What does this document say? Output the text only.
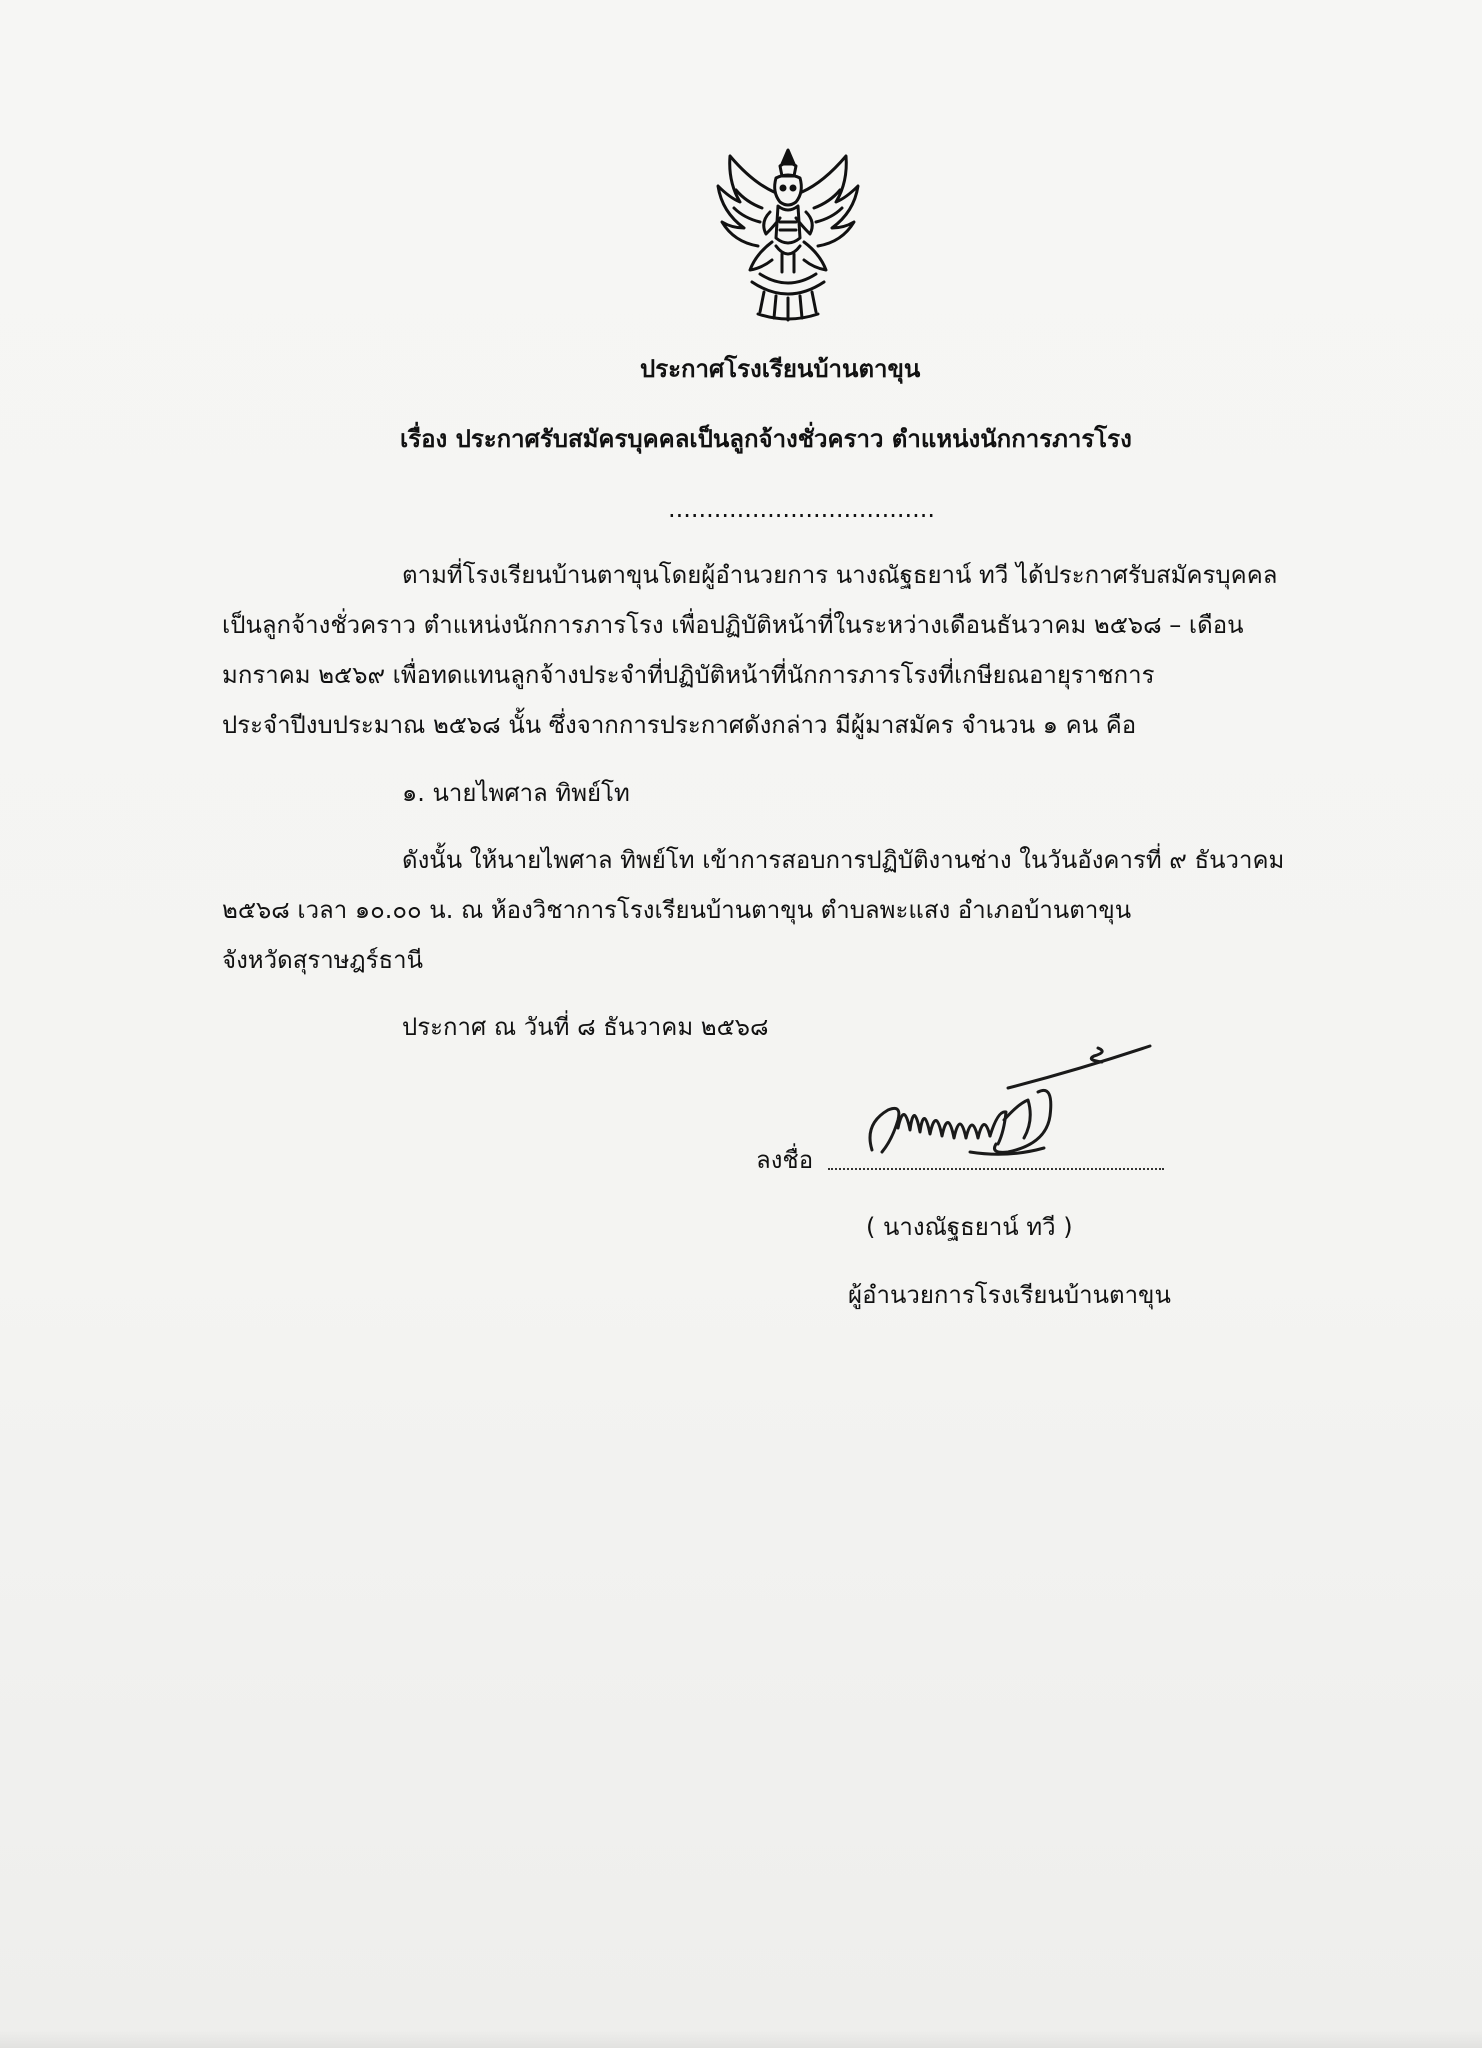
ประกาศโรงเรียนบ้านตาขุน
เรื่อง ประกาศรับสมัครบุคคลเป็นลูกจ้างชั่วคราว ตำแหน่งนักการภารโรง
...................................
ตามที่โรงเรียนบ้านตาขุนโดยผู้อำนวยการ นางณัฐธยาน์ ทวี ได้ประกาศรับสมัครบุคคล
เป็นลูกจ้างชั่วคราว ตำแหน่งนักการภารโรง เพื่อปฏิบัติหน้าที่ในระหว่างเดือนธันวาคม ๒๕๖๘ – เดือน
มกราคม ๒๕๖๙ เพื่อทดแทนลูกจ้างประจำที่ปฏิบัติหน้าที่นักการภารโรงที่เกษียณอายุราชการ
ประจำปีงบประมาณ ๒๕๖๘ นั้น ซึ่งจากการประกาศดังกล่าว มีผู้มาสมัคร จำนวน ๑ คน คือ
๑. นายไพศาล ทิพย์โท
ดังนั้น ให้นายไพศาล ทิพย์โท เข้าการสอบการปฏิบัติงานช่าง ในวันอังคารที่ ๙ ธันวาคม
๒๕๖๘ เวลา ๑๐.๐๐ น. ณ ห้องวิชาการโรงเรียนบ้านตาขุน ตำบลพะแสง อำเภอบ้านตาขุน
จังหวัดสุราษฎร์ธานี
ประกาศ ณ วันที่ ๘ ธันวาคม ๒๕๖๘
ลงชื่อ
( นางณัฐธยาน์ ทวี )
ผู้อำนวยการโรงเรียนบ้านตาขุน
